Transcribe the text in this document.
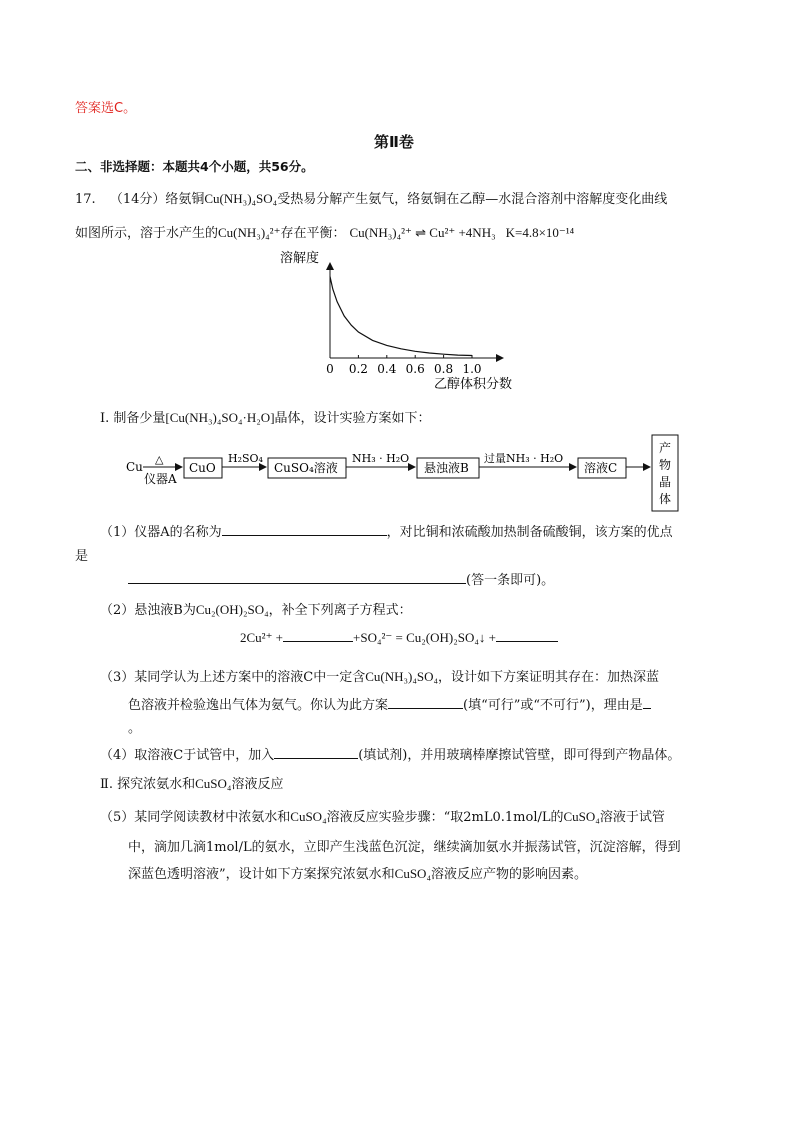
答案选C。
第Ⅱ卷
二、非选择题：本题共4个小题，共56分。
17. （14分）络氨铜Cu(NH₃)₄SO₄受热易分解产生氨气，络氨铜在乙醇—水混合溶剂中溶解度变化曲线
如图所示，溶于水产生的Cu(NH₃)₄²⁺存在平衡： Cu(NH₃)₄²⁺ ⇌ Cu²⁺ +4NH₃ K=4.8×10⁻¹⁴
溶解度
0 0.2 0.4 0.6 0.8 1.0
乙醇体积分数
I. 制备少量[Cu(NH₃)₄SO₄·H₂O]晶体，设计实验方案如下：
Cu
△
仪器A
CuO
H₂SO₄
CuSO₄溶液
NH₃ · H₂O
悬浊液B
过量NH₃ · H₂O
溶液C
产
物
晶
体
（1）仪器A的名称为	，对比铜和浓硫酸加热制备硫酸铜，该方案的优点
是
(答一条即可)。
（2）悬浊液B为Cu₂(OH)₂SO₄，补全下列离子方程式：
2Cu²⁺ +	+SO₄²⁻ = Cu₂(OH)₂SO₄↓ +
（3）某同学认为上述方案中的溶液C中一定含Cu(NH₃)₄SO₄，设计如下方案证明其存在：加热深蓝
色溶液并检验逸出气体为氨气。你认为此方案	(填“可行”或“不可行”)，理由是
。
（4）取溶液C于试管中，加入	(填试剂)，并用玻璃棒摩擦试管壁，即可得到产物晶体。
Ⅱ. 探究浓氨水和CuSO₄溶液反应
（5）某同学阅读教材中浓氨水和CuSO₄溶液反应实验步骤：“取2mL0.1mol/L的CuSO₄溶液于试管
中，滴加几滴1mol/L的氨水，立即产生浅蓝色沉淀，继续滴加氨水并振荡试管，沉淀溶解，得到
深蓝色透明溶液”，设计如下方案探究浓氨水和CuSO₄溶液反应产物的影响因素。
